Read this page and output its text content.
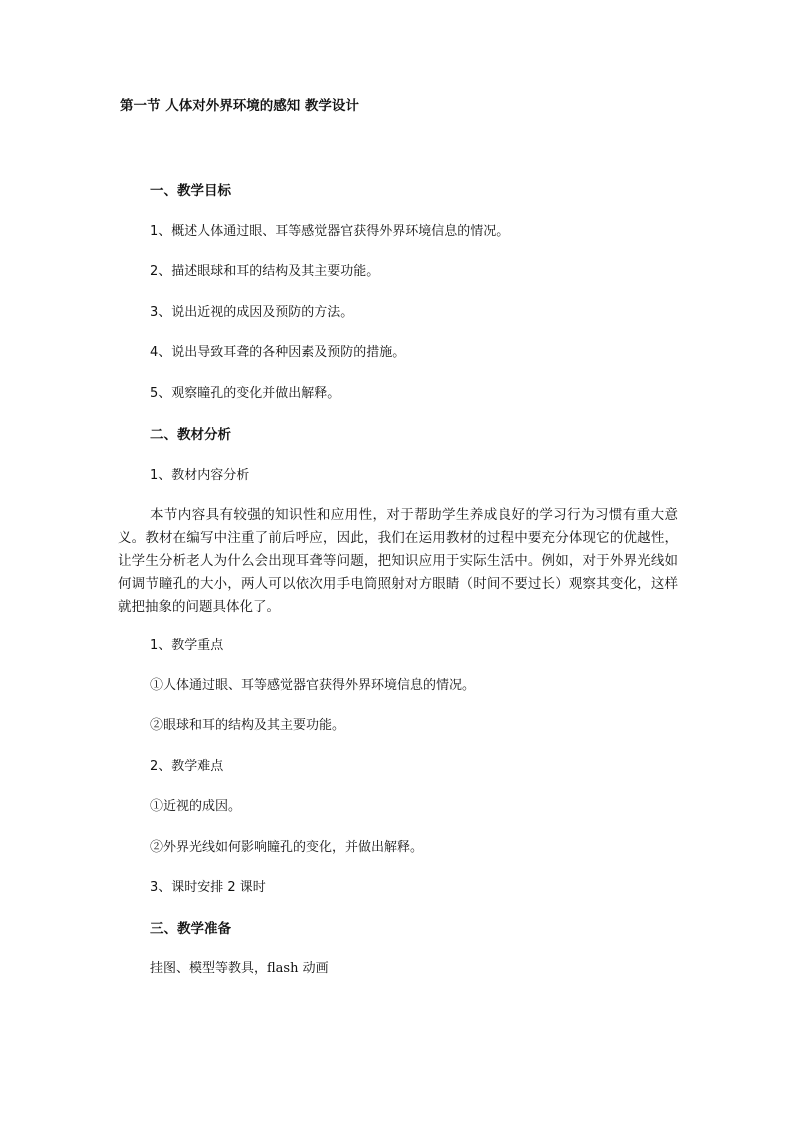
第一节 人体对外界环境的感知 教学设计
一、教学目标
1、概述人体通过眼、耳等感觉器官获得外界环境信息的情况。
2、描述眼球和耳的结构及其主要功能。
3、说出近视的成因及预防的方法。
4、说出导致耳聋的各种因素及预防的措施。
5、观察瞳孔的变化并做出解释。
二、教材分析
1、教材内容分析
本节内容具有较强的知识性和应用性，对于帮助学生养成良好的学习行为习惯有重大意义。教材在编写中注重了前后呼应，因此，我们在运用教材的过程中要充分体现它的优越性，让学生分析老人为什么会出现耳聋等问题，把知识应用于实际生活中。例如，对于外界光线如何调节瞳孔的大小，两人可以依次用手电筒照射对方眼睛（时间不要过长）观察其变化，这样就把抽象的问题具体化了。
1、教学重点
①人体通过眼、耳等感觉器官获得外界环境信息的情况。
②眼球和耳的结构及其主要功能。
2、教学难点
①近视的成因。
②外界光线如何影响瞳孔的变化，并做出解释。
3、课时安排 2 课时
三、教学准备
挂图、模型等教具，flash 动画
